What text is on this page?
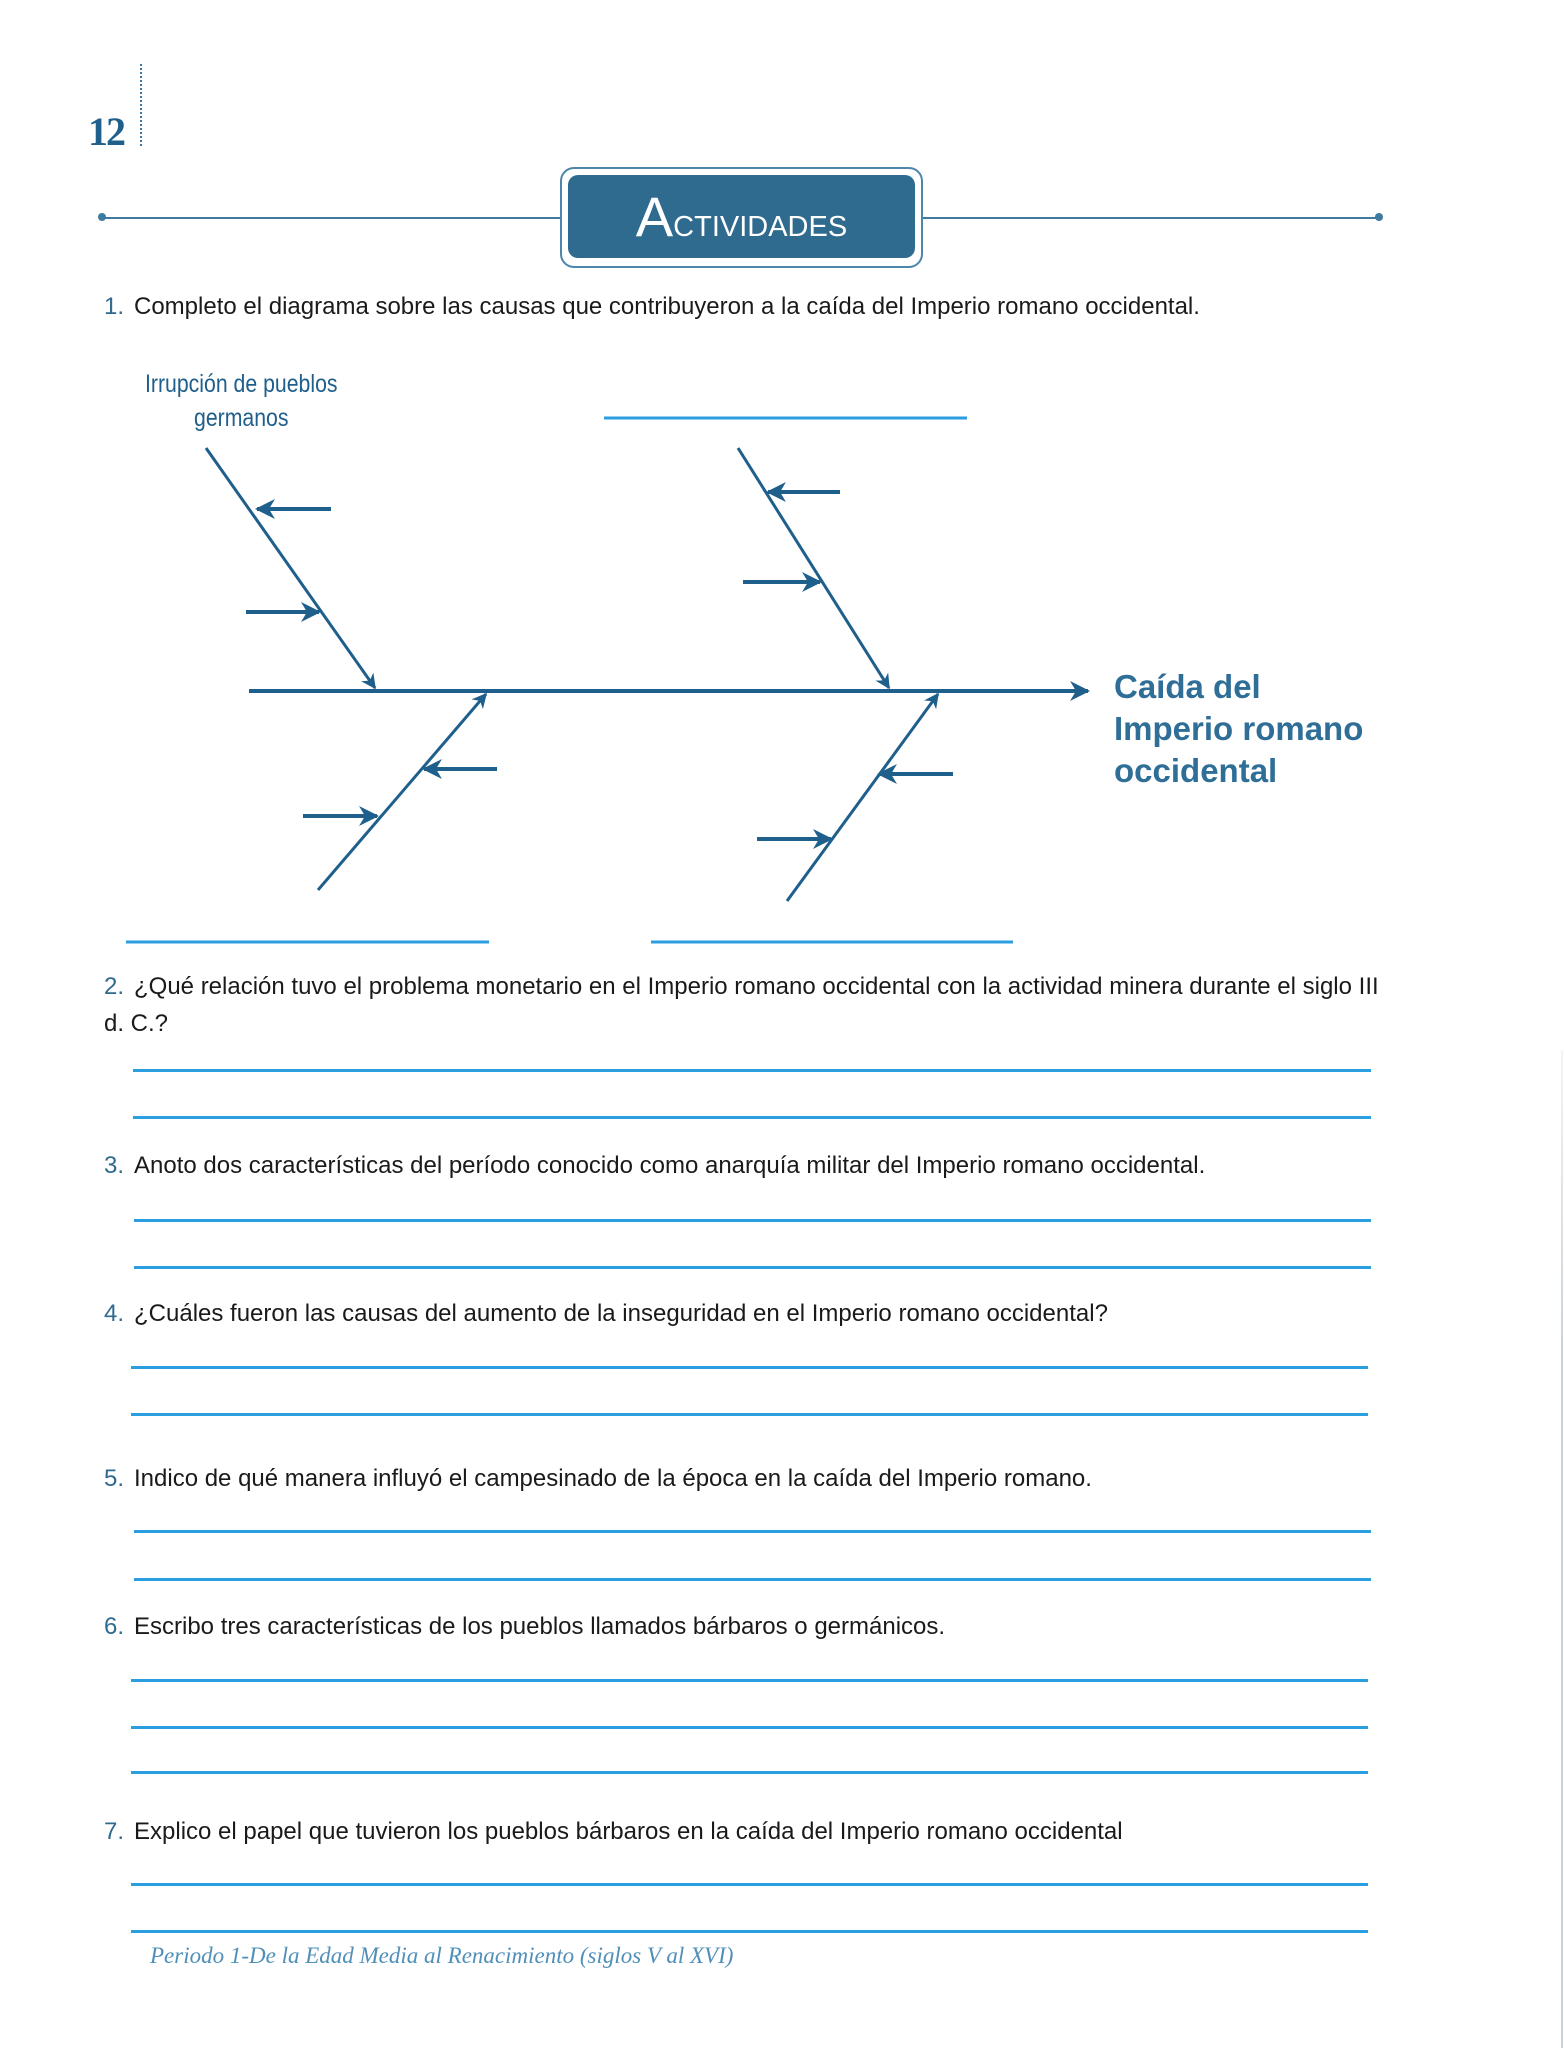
12
Actividades
1. Completo el diagrama sobre las causas que contribuyeron a la caída del Imperio romano occidental.
Irrupción de pueblos
germanos
Caída del
Imperio romano
occidental
2. ¿Qué relación tuvo el problema monetario en el Imperio romano occidental con la actividad minera durante el siglo III d. C.?
3. Anoto dos características del período conocido como anarquía militar del Imperio romano occidental.
4. ¿Cuáles fueron las causas del aumento de la inseguridad en el Imperio romano occidental?
5. Indico de qué manera influyó el campesinado de la época en la caída del Imperio romano.
6. Escribo tres características de los pueblos llamados bárbaros o germánicos.
7. Explico el papel que tuvieron los pueblos bárbaros en la caída del Imperio romano occidental
Periodo 1-De la Edad Media al Renacimiento (siglos V al XVI)
